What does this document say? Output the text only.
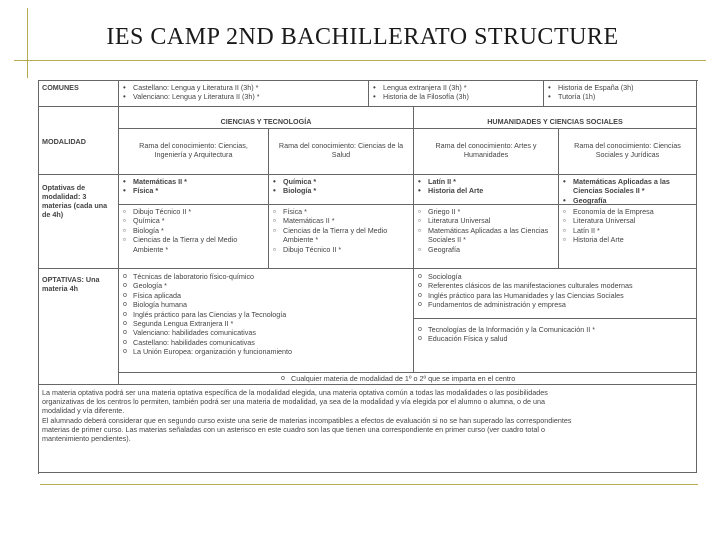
IES CAMP 2ND BACHILLERATO STRUCTURE
COMUNES
•	Castellano: Lengua y Literatura II (3h) *
• Valenciano: Lengua y Literatura II (3h) *
• Lengua extranjera II (3h) *
• Historia de la Filosofía (3h)
• Historia de España (3h)
• Tutoría (1h)
MODALIDAD
CIENCIAS Y TECNOLOGÍA	HUMANIDADES Y CIENCIAS SOCIALES
Rama del conocimiento: Ciencias, Ingeniería y Arquitectura
Rama del conocimiento: Ciencias de la Salud
Rama del conocimiento: Artes y Humanidades
Rama del conocimiento: Ciencias Sociales y Jurídicas
Optativas de modalidad: 3 materias (cada una de 4h)
• Matemáticas II *
• Física *
• Química *
• Biología *
• Latín II *
• Historia del Arte
• Matemáticas Aplicadas a las Ciencias Sociales II *
• Geografía
▫ Dibujo Técnico II *
▫ Química *
▫ Biología *
▫ Ciencias de la Tierra y del Medio Ambiente *
▫ Física *
▫ Matemáticas II *
▫ Ciencias de la Tierra y del Medio Ambiente *
▫ Dibujo Técnico II *
▫ Griego II *
▫ Literatura Universal
▫ Matemáticas Aplicadas a las Ciencias Sociales II *
▫ Geografía
▫ Economía de la Empresa
▫ Literatura Universal
▫ Latín II *
▫ Historia del Arte
OPTATIVAS: Una materia 4h
o Técnicas de laboratorio físico-químico
o Geología *
o Física aplicada
o Biología humana
o Inglés práctico para las Ciencias y la Tecnología
o Segunda Lengua Extranjera II *
o Valenciano: habilidades comunicativas
o Castellano: habilidades comunicativas
o La Unión Europea: organización y funcionamiento
o Sociología
o Referentes clásicos de las manifestaciones culturales modernas
o Inglés práctico para las Humanidades y las Ciencias Sociales
o Fundamentos de administración y empresa
o Tecnologías de la Información y la Comunicación II *
o Educación Física y salud
o Cualquier materia de modalidad de 1º o 2º que se imparta en el centro

La materia optativa podrá ser una materia optativa específica de la modalidad elegida, una materia optativa común a todas las modalidades o las posibilidades

organizativas de los centros lo permiten, también podrá ser una materia de modalidad, ya sea de la modalidad y vía elegida por el alumno o alumna, o de una

modalidad y vía diferente.

El alumnado deberá considerar que en segundo curso existe una serie de materias incompatibles a efectos de evaluación si no se han superado las correspondientes

materias de primer curso. Las materias señaladas con un asterisco en este cuadro son las que tienen una correspondiente en primer curso (ver cuadro total o

mantenimiento pendientes).
